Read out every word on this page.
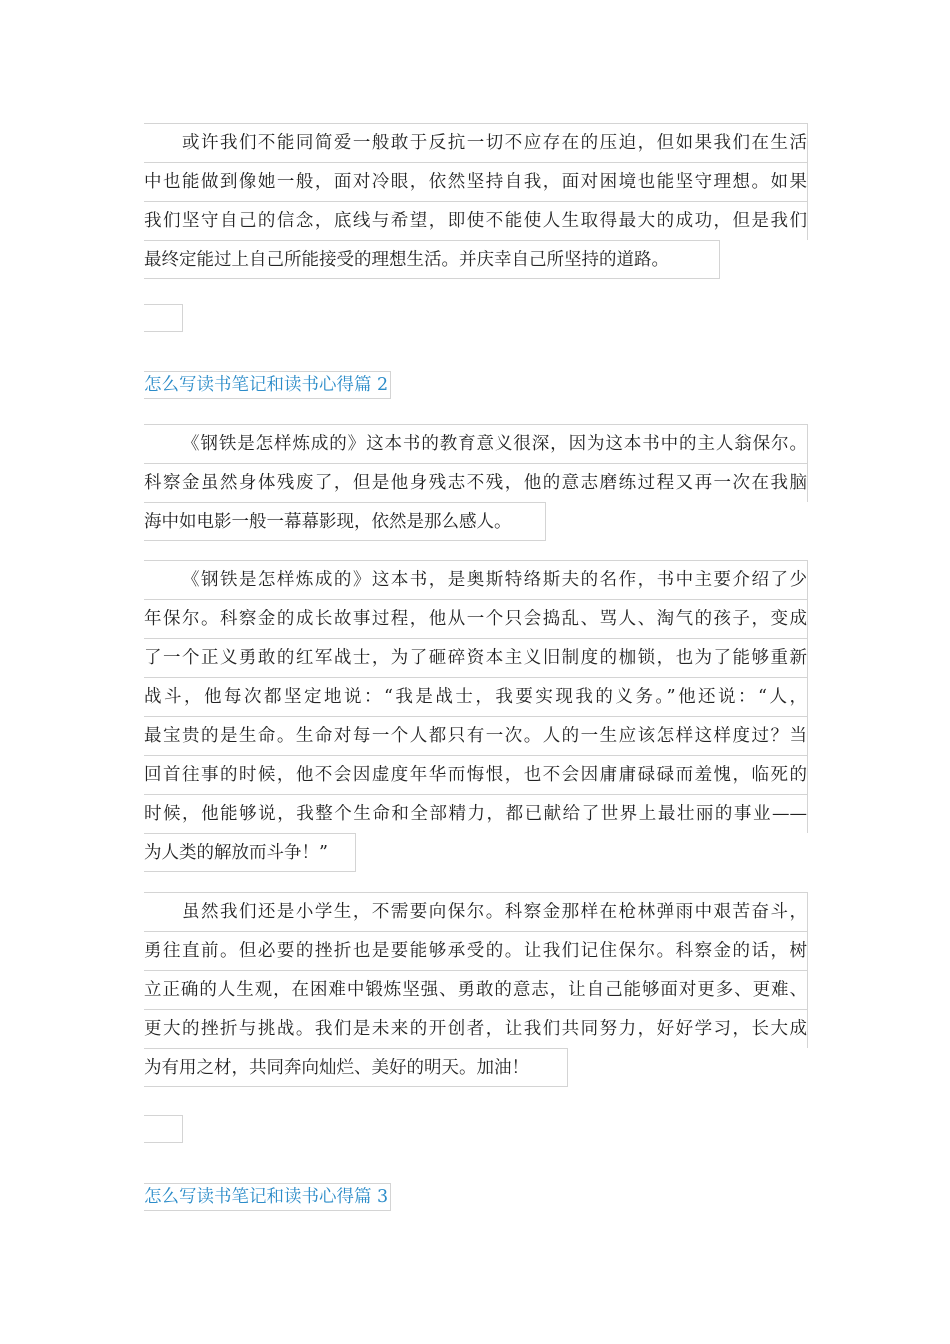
或许我们不能同简爱一般敢于反抗一切不应存在的压迫，但如果我们在生活
中也能做到像她一般，面对冷眼，依然坚持自我，面对困境也能坚守理想。如果
我们坚守自己的信念，底线与希望，即使不能使人生取得最大的成功，但是我们
最终定能过上自己所能接受的理想生活。并庆幸自己所坚持的道路。
怎么写读书笔记和读书心得篇 2
《钢铁是怎样炼成的》这本书的教育意义很深，因为这本书中的主人翁保尔。
科察金虽然身体残废了，但是他身残志不残，他的意志磨练过程又再一次在我脑
海中如电影一般一幕幕影现，依然是那么感人。
《钢铁是怎样炼成的》这本书，是奥斯特络斯夫的名作，书中主要介绍了少
年保尔。科察金的成长故事过程，他从一个只会捣乱、骂人、淘气的孩子，变成
了一个正义勇敢的红军战士，为了砸碎资本主义旧制度的枷锁，也为了能够重新
战斗，他每次都坚定地说：“我是战士，我要实现我的义务。”他还说：“人，
最宝贵的是生命。生命对每一个人都只有一次。人的一生应该怎样这样度过？当
回首往事的时候，他不会因虚度年华而悔恨，也不会因庸庸碌碌而羞愧，临死的
时候，他能够说，我整个生命和全部精力，都已献给了世界上最壮丽的事业——
为人类的解放而斗争！”
虽然我们还是小学生，不需要向保尔。科察金那样在枪林弹雨中艰苦奋斗，
勇往直前。但必要的挫折也是要能够承受的。让我们记住保尔。科察金的话，树
立正确的人生观，在困难中锻炼坚强、勇敢的意志，让自己能够面对更多、更难、
更大的挫折与挑战。我们是未来的开创者，让我们共同努力，好好学习，长大成
为有用之材，共同奔向灿烂、美好的明天。加油！
怎么写读书笔记和读书心得篇 3
